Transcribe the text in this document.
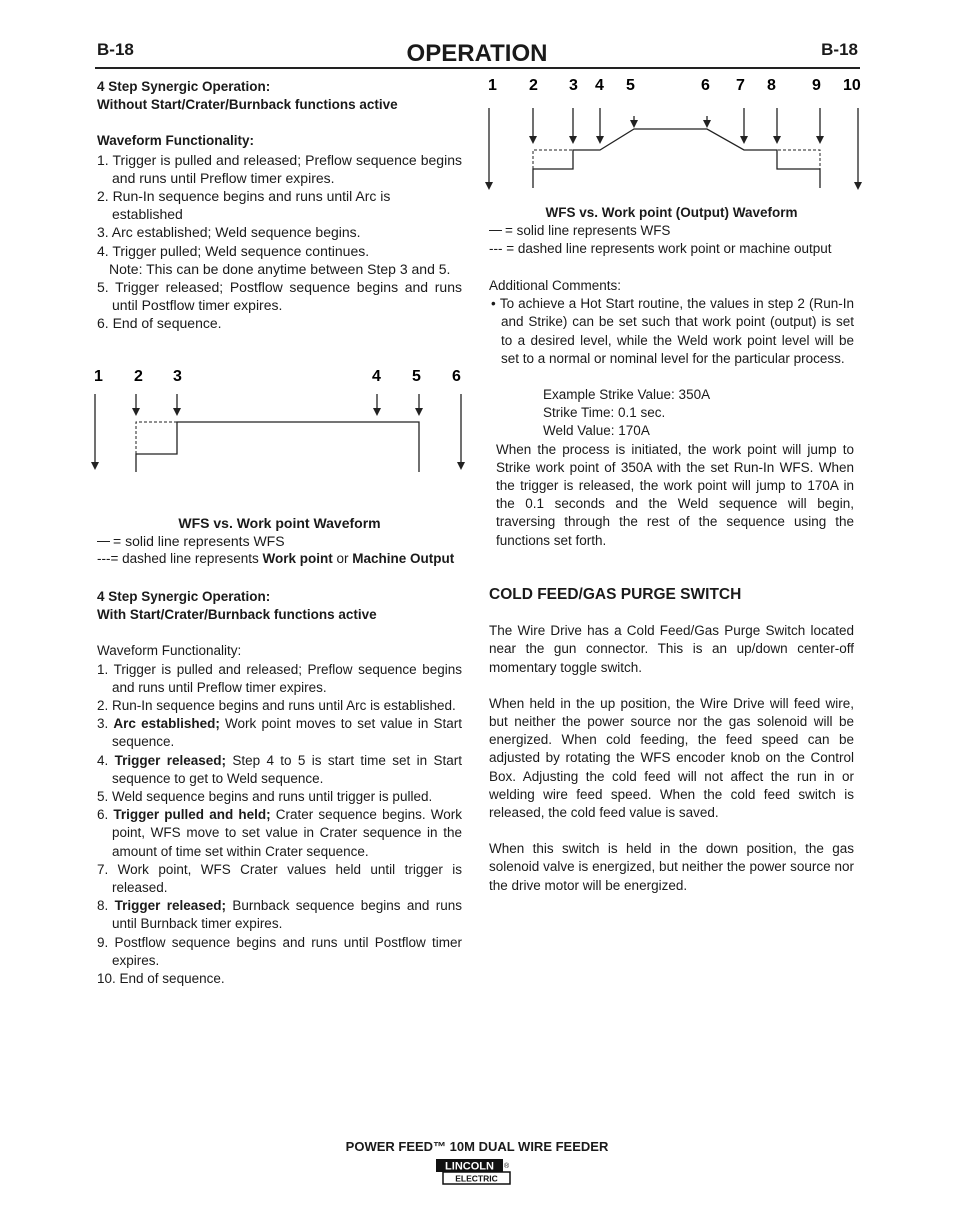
B-18	OPERATION	B-18

4 Step Synergic Operation:

Without Start/Crater/Burnback functions active

Waveform Functionality:

1. Trigger is pulled and released; Preflow sequence begins and runs until Preflow timer expires.

2. Run-In sequence begins and runs until Arc is established

3. Arc established; Weld sequence begins.

4. Trigger pulled; Weld sequence continues.

Note: This can be done anytime between Step 3 and 5.

5. Trigger released; Postflow sequence begins and runs until Postflow timer expires.

6. End of sequence.

1 2 3	4 5 6

WFS vs. Work point Waveform

= solid line represents WFS

---= dashed line represents Work point or Machine Output

4 Step Synergic Operation:

With Start/Crater/Burnback functions active

Waveform Functionality:

1. Trigger is pulled and released; Preflow sequence begins and runs until Preflow timer expires.

2. Run-In sequence begins and runs until Arc is established.

3. Arc established; Work point moves to set value in Start sequence.

4. Trigger released; Step 4 to 5 is start time set in Start sequence to get to Weld sequence.

5. Weld sequence begins and runs until trigger is pulled.

6. Trigger pulled and held; Crater sequence begins. Work point, WFS move to set value in Crater sequence in the amount of time set within Crater sequence.

7. Work point, WFS Crater values held until trigger is released.

8. Trigger released; Burnback sequence begins and runs until Burnback timer expires.

9. Postflow sequence begins and runs until Postflow timer expires.

10. End of sequence.

1 2 3 4 5	6 7 8 9 10

WFS vs. Work point (Output) Waveform

= solid line represents WFS

--- = dashed line represents work point or machine output

Additional Comments:

• To achieve a Hot Start routine, the values in step 2 (Run-In and Strike) can be set such that work point (output) is set to a desired level, while the Weld work point level will be set to a normal or nominal level for the particular process.

Example Strike Value: 350A

Strike Time: 0.1 sec.

Weld Value: 170A

When the process is initiated, the work point will jump to Strike work point of 350A with the set Run-In WFS. When the trigger is released, the work point will jump to 170A in the 0.1 seconds and the Weld sequence will begin, traversing through the rest of the sequence using the functions set forth.

COLD FEED/GAS PURGE SWITCH

The Wire Drive has a Cold Feed/Gas Purge Switch located near the gun connector. This is an up/down center-off momentary toggle switch.

When held in the up position, the Wire Drive will feed wire, but neither the power source nor the gas solenoid will be energized. When cold feeding, the feed speed can be adjusted by rotating the WFS encoder knob on the Control Box. Adjusting the cold feed will not affect the run in or welding wire feed speed. When the cold feed switch is released, the cold feed value is saved.

When this switch is held in the down position, the gas solenoid valve is energized, but neither the power source nor the drive motor will be energized.

POWER FEED™ 10M DUAL WIRE FEEDER
LINCOLN
ELECTRIC
®
